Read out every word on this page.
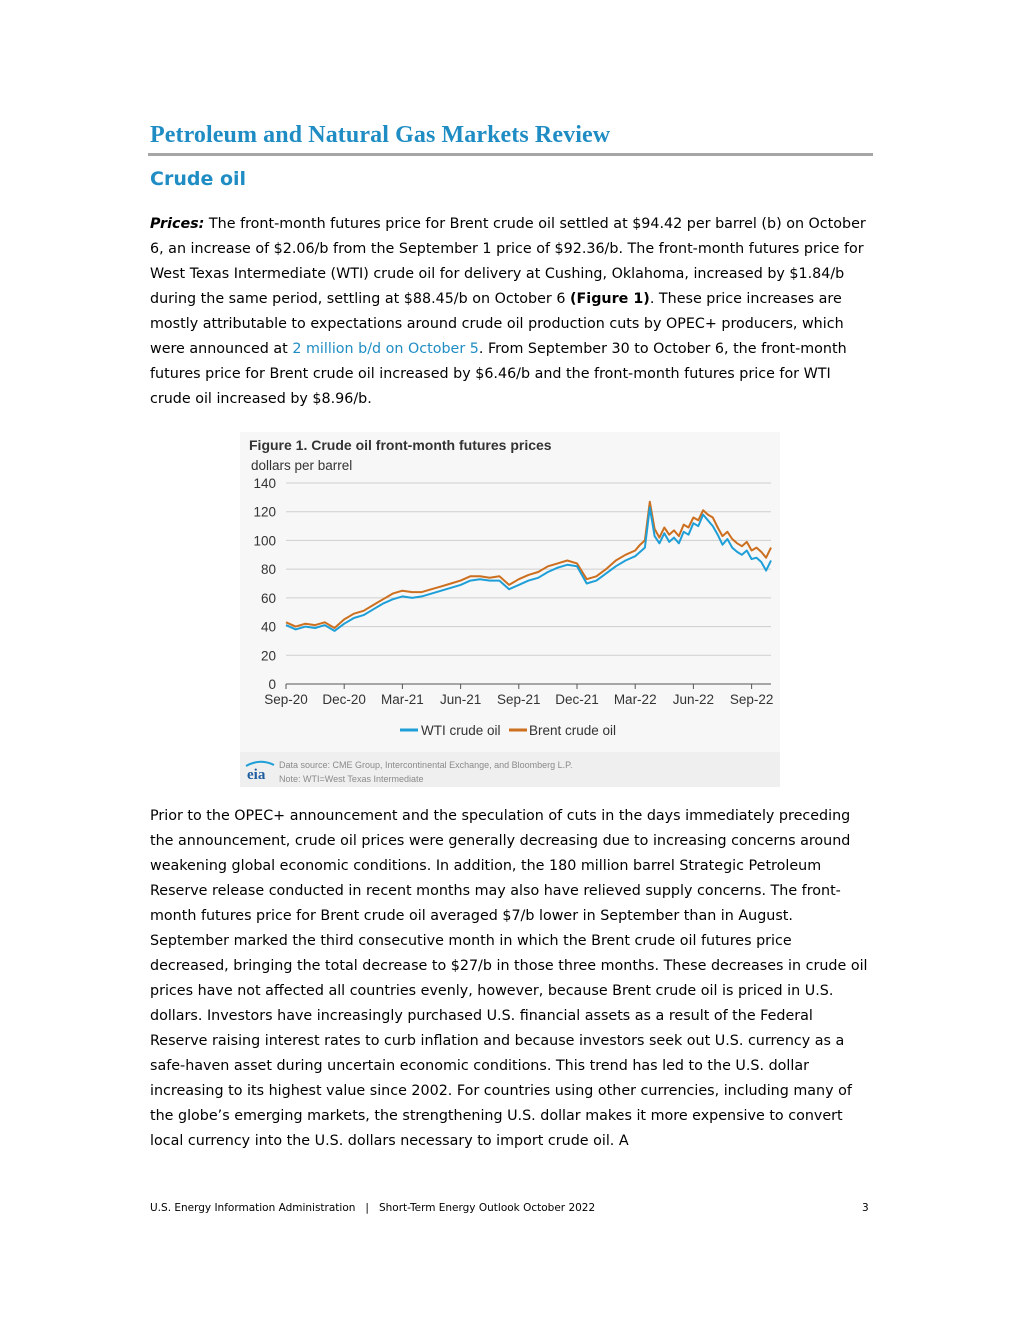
Petroleum and Natural Gas Markets Review
Crude oil

Prices: The front-month futures price for Brent crude oil settled at $94.42 per barrel (b) on October 6, an increase of $2.06/b from the September 1 price of $92.36/b. The front-month futures price for West Texas Intermediate (WTI) crude oil for delivery at Cushing, Oklahoma, increased by $1.84/b during the same period, settling at $88.45/b on October 6 (Figure 1). These price increases are mostly attributable to expectations around crude oil production cuts by OPEC+ producers, which were announced at 2 million b/d on October 5. From September 30 to October 6, the front-month futures price for Brent crude oil increased by $6.46/b and the front-month futures price for WTI crude oil increased by $8.96/b.

Figure 1. Crude oil front-month futures prices
dollars per barrel
0
20
40
60
80
100
120
140
Sep-20 Dec-20 Mar-21 Jun-21 Sep-21 Dec-21 Mar-22 Jun-22 Sep-22
WTI crude oil Brent crude oil
eia
Data source: CME Group, Intercontinental Exchange, and Bloomberg L.P.
Note: WTI=West Texas Intermediate

Prior to the OPEC+ announcement and the speculation of cuts in the days immediately preceding the announcement, crude oil prices were generally decreasing due to increasing concerns around weakening global economic conditions. In addition, the 180 million barrel Strategic Petroleum Reserve release conducted in recent months may also have relieved supply concerns. The front-month futures price for Brent crude oil averaged $7/b lower in September than in August. September marked the third consecutive month in which the Brent crude oil futures price decreased, bringing the total decrease to $27/b in those three months. These decreases in crude oil prices have not affected all countries evenly, however, because Brent crude oil is priced in U.S. dollars. Investors have increasingly purchased U.S. financial assets as a result of the Federal Reserve raising interest rates to curb inflation and because investors seek out U.S. currency as a safe-haven asset during uncertain economic conditions. This trend has led to the U.S. dollar increasing to its highest value since 2002. For countries using other currencies, including many of the globe’s emerging markets, the strengthening U.S. dollar makes it more expensive to convert local currency into the U.S. dollars necessary to import crude oil. A

U.S. Energy Information Administration   |   Short-Term Energy Outlook October 2022	3
